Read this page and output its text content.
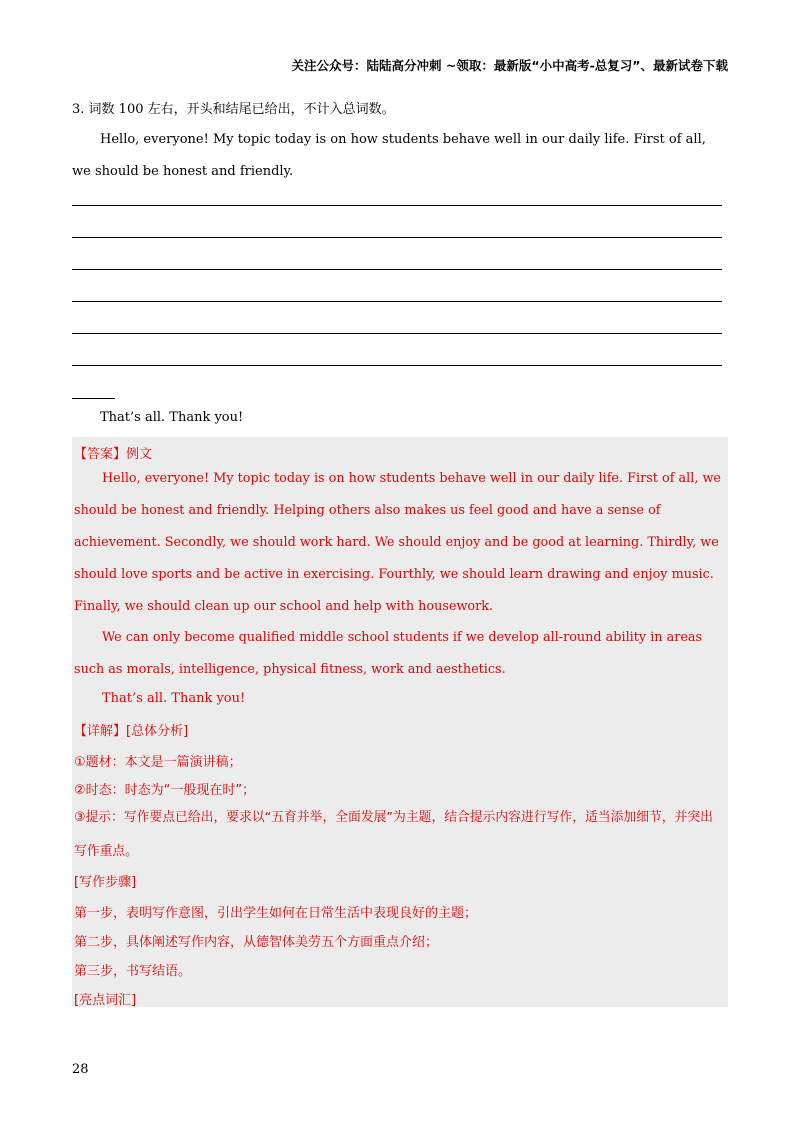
关注公众号：陆陆高分冲刺 ~领取：最新版“小中高考-总复习”、最新试卷下载
3. 词数 100 左右，开头和结尾已给出，不计入总词数。
Hello, everyone! My topic today is on how students behave well in our daily life. First of all, we should be honest and friendly.
That’s all. Thank you!
【答案】例文
Hello, everyone! My topic today is on how students behave well in our daily life. First of all, we should be honest and friendly. Helping others also makes us feel good and have a sense of achievement. Secondly, we should work hard. We should enjoy and be good at learning. Thirdly, we should love sports and be active in exercising. Fourthly, we should learn drawing and enjoy music. Finally, we should clean up our school and help with housework.
We can only become qualified middle school students if we develop all-round ability in areas such as morals, intelligence, physical fitness, work and aesthetics.
That’s all. Thank you!
【详解】[总体分析]
①题材：本文是一篇演讲稿；
②时态：时态为“一般现在时”；
③提示：写作要点已给出，要求以“五育并举，全面发展”为主题，结合提示内容进行写作，适当添加细节，并突出写作重点。
[写作步骤]
第一步，表明写作意图，引出学生如何在日常生活中表现良好的主题；
第二步，具体阐述写作内容，从德智体美劳五个方面重点介绍；
第三步，书写结语。
[亮点词汇]
28
